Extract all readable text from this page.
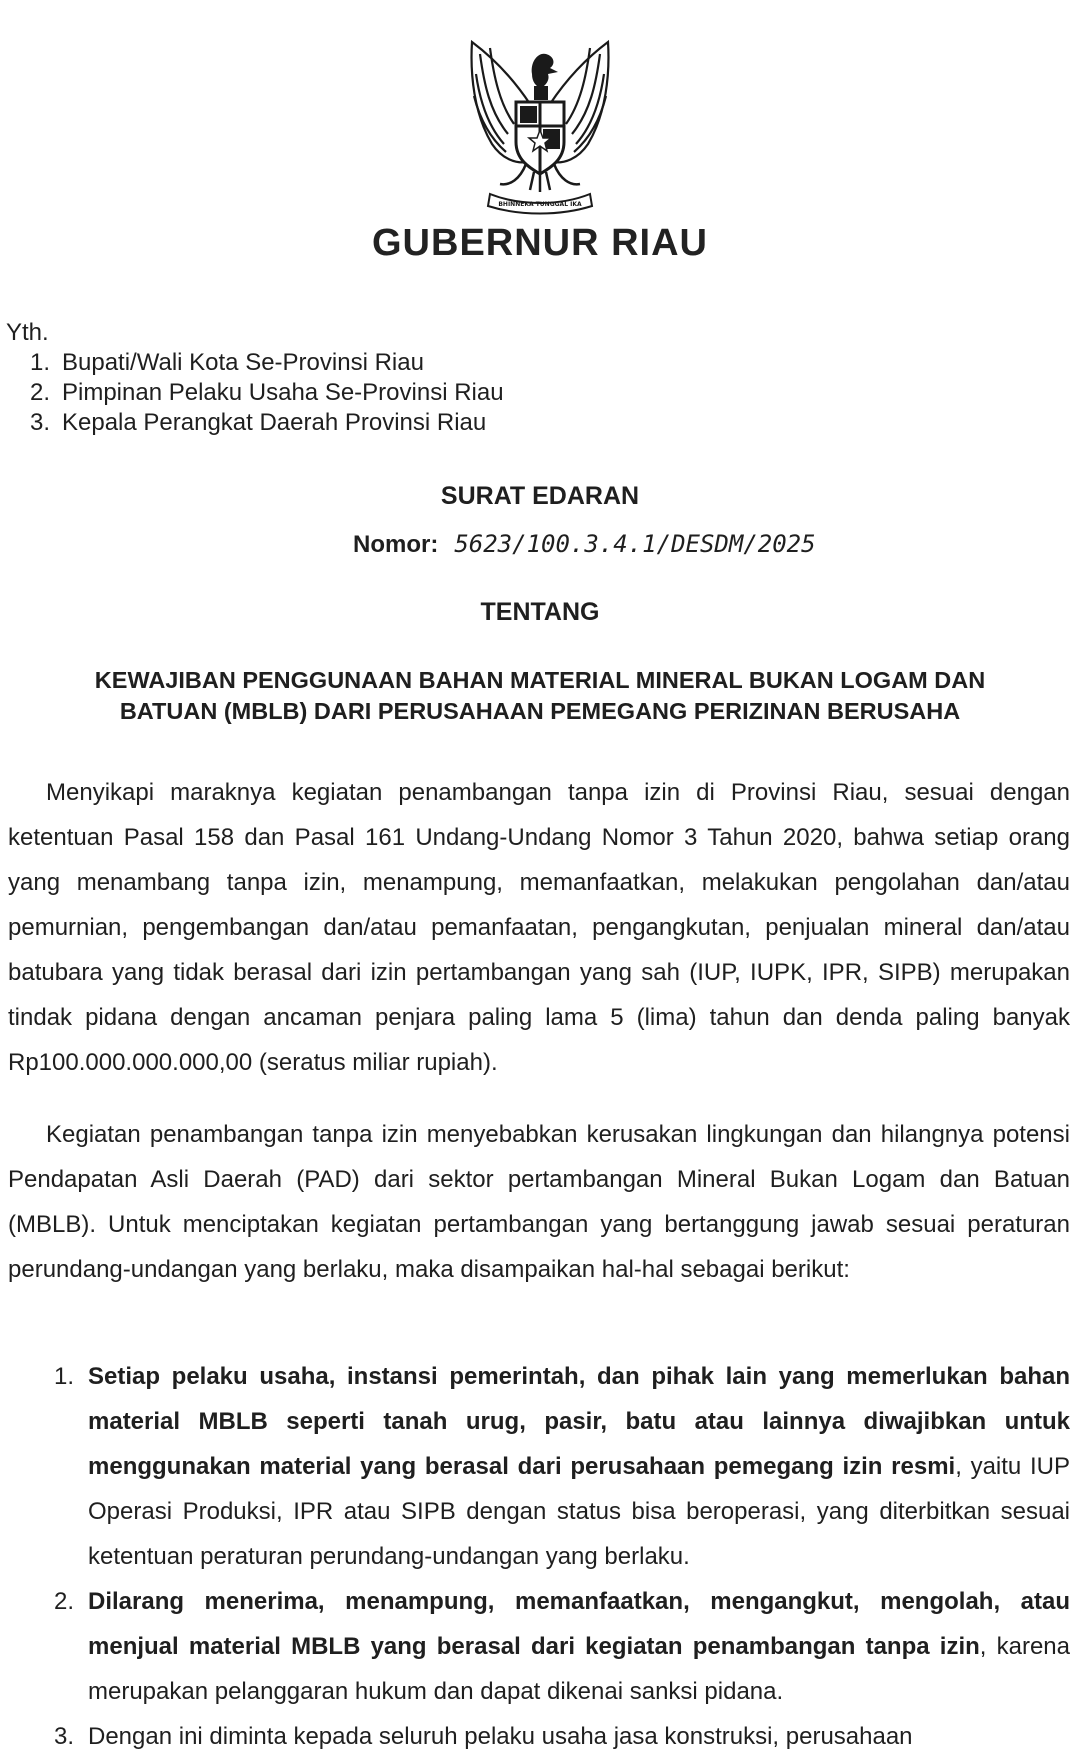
BHINNEKA TUNGGAL IKA
GUBERNUR RIAU
Yth.
1. Bupati/Wali Kota Se-Provinsi Riau
2. Pimpinan Pelaku Usaha Se-Provinsi Riau
3. Kepala Perangkat Daerah Provinsi Riau
SURAT EDARAN
Nomor: 5623/100.3.4.1/DESDM/2025
TENTANG
KEWAJIBAN PENGGUNAAN BAHAN MATERIAL MINERAL BUKAN LOGAM DAN
BATUAN (MBLB) DARI PERUSAHAAN PEMEGANG PERIZINAN BERUSAHA
Menyikapi maraknya kegiatan penambangan tanpa izin di Provinsi Riau, sesuai dengan ketentuan Pasal 158 dan Pasal 161 Undang-Undang Nomor 3 Tahun 2020, bahwa setiap orang yang menambang tanpa izin, menampung, memanfaatkan, melakukan pengolahan dan/atau pemurnian, pengembangan dan/atau pemanfaatan, pengangkutan, penjualan mineral dan/atau batubara yang tidak berasal dari izin pertambangan yang sah (IUP, IUPK, IPR, SIPB) merupakan tindak pidana dengan ancaman penjara paling lama 5 (lima) tahun dan denda paling banyak Rp100.000.000.000,00 (seratus miliar rupiah).
Kegiatan penambangan tanpa izin menyebabkan kerusakan lingkungan dan hilangnya potensi Pendapatan Asli Daerah (PAD) dari sektor pertambangan Mineral Bukan Logam dan Batuan (MBLB). Untuk menciptakan kegiatan pertambangan yang bertanggung jawab sesuai peraturan perundang-undangan yang berlaku, maka disampaikan hal-hal sebagai berikut:
1. Setiap pelaku usaha, instansi pemerintah, dan pihak lain yang memerlukan bahan material MBLB seperti tanah urug, pasir, batu atau lainnya diwajibkan untuk menggunakan material yang berasal dari perusahaan pemegang izin resmi, yaitu IUP Operasi Produksi, IPR atau SIPB dengan status bisa beroperasi, yang diterbitkan sesuai ketentuan peraturan perundang-undangan yang berlaku.
2. Dilarang menerima, menampung, memanfaatkan, mengangkut, mengolah, atau menjual material MBLB yang berasal dari kegiatan penambangan tanpa izin, karena merupakan pelanggaran hukum dan dapat dikenai sanksi pidana.
3. Dengan ini diminta kepada seluruh pelaku usaha jasa konstruksi, perusahaan
